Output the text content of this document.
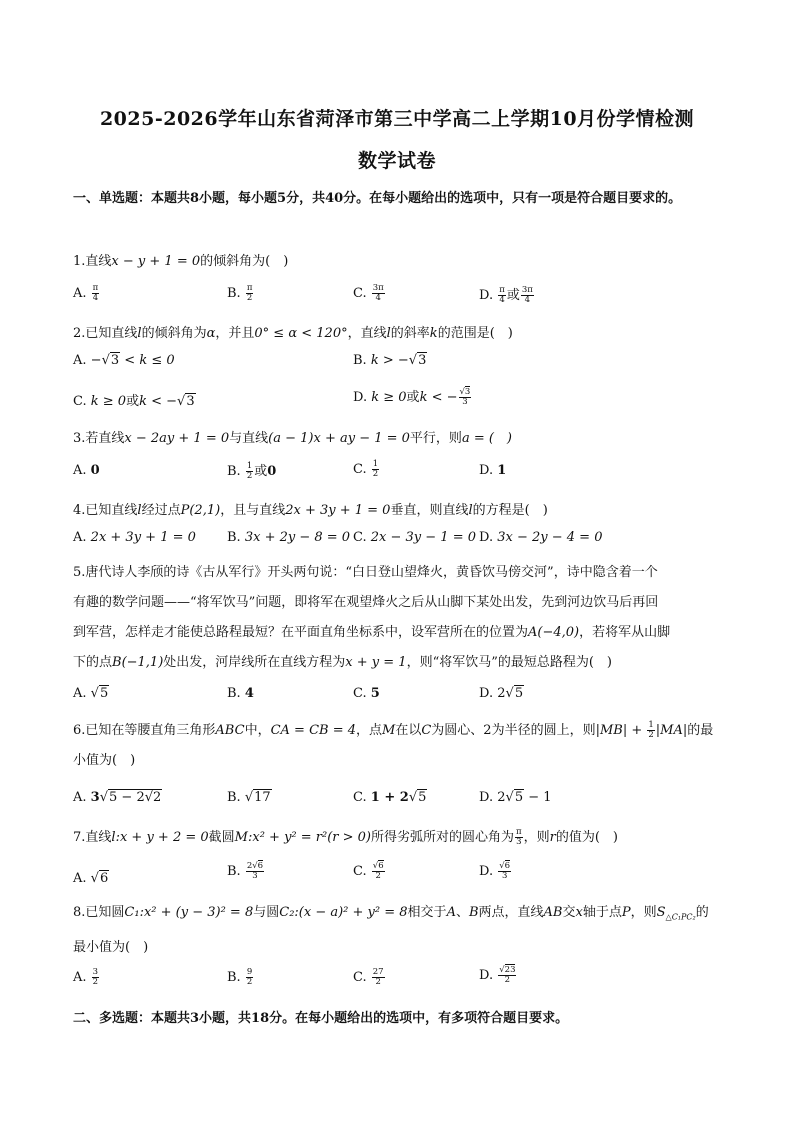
2025-2026学年山东省菏泽市第三中学高二上学期10月份学情检测
数学试卷
一、单选题：本题共8小题，每小题5分，共40分。在每小题给出的选项中，只有一项是符合题目要求的。
1.直线x − y + 1 = 0的倾斜角为(　)
A. $\frac{\pi}{4}$	B. $\frac{\pi}{2}$	C. $\frac{3\pi}{4}$	D. $\frac{\pi}{4}$ 或 $\frac{3\pi}{4}$
2.已知直线l的倾斜角为α，并且0° ≤ α < 120°，直线l的斜率k的范围是(　)
A. −√3 < k ≤ 0	B. k > −√3
C. k ≥ 0或k < −√3	D. k ≥ 0或k < − $\frac{√3}{3}$
3.若直线x − 2ay + 1 = 0与直线(a − 1)x + ay − 1 = 0平行，则a = (　)
A. 0	B. $\frac{1}{2}$ 或0	C. $\frac{1}{2}$	D. 1
4.已知直线l经过点P(2,1)，且与直线2x + 3y + 1 = 0垂直，则直线l的方程是(　)
A. 2x + 3y + 1 = 0 B. 3x + 2y − 8 = 0 C. 2x − 3y − 1 = 0 D. 3x − 2y − 4 = 0
5.唐代诗人李颀的诗《古从军行》开头两句说：“白日登山望烽火，黄昏饮马傍交河”，诗中隐含着一个
有趣的数学问题——“将军饮马”问题，即将军在观望烽火之后从山脚下某处出发，先到河边饮马后再回
到军营，怎样走才能使总路程最短？在平面直角坐标系中，设军营所在的位置为A(−4,0)，若将军从山脚
下的点B(−1,1)处出发，河岸线所在直线方程为x + y = 1，则“将军饮马”的最短总路程为(　)
A. √5	B. 4	C. 5	D. 2√5
6.已知在等腰直角三角形ABC中，CA = CB = 4，点M在以C为圆心、2为半径的圆上，则$|MB| + \frac{1}{2} |MA|$的最
小值为(　)
A. 3√5 − 2√2	B. √17	C. 1 + 2√5	D. 2√5 − 1
7.直线l:x + y + 2 = 0截圆M:x² + y² = r²(r > 0)所得劣弧所对的圆心角为 $\frac{\pi}{3}$ ，则r的值为(　)
A. √6	B. $\frac{2√6}{3}$	C. $\frac{√6}{2}$	D. $\frac{√6}{3}$
8.已知圆C₁:x² + (y − 3)² = 8与圆C₂:(x − a)² + y² = 8相交于A、B两点，直线AB交x轴于点P，则$S_{\triangle C_1PC_2}$的
最小值为(　)
A. $\frac{3}{2}$	B. $\frac{9}{2}$	C. $\frac{27}{2}$	D. $\frac{√23}{2}$
二、多选题：本题共3小题，共18分。在每小题给出的选项中，有多项符合题目要求。
